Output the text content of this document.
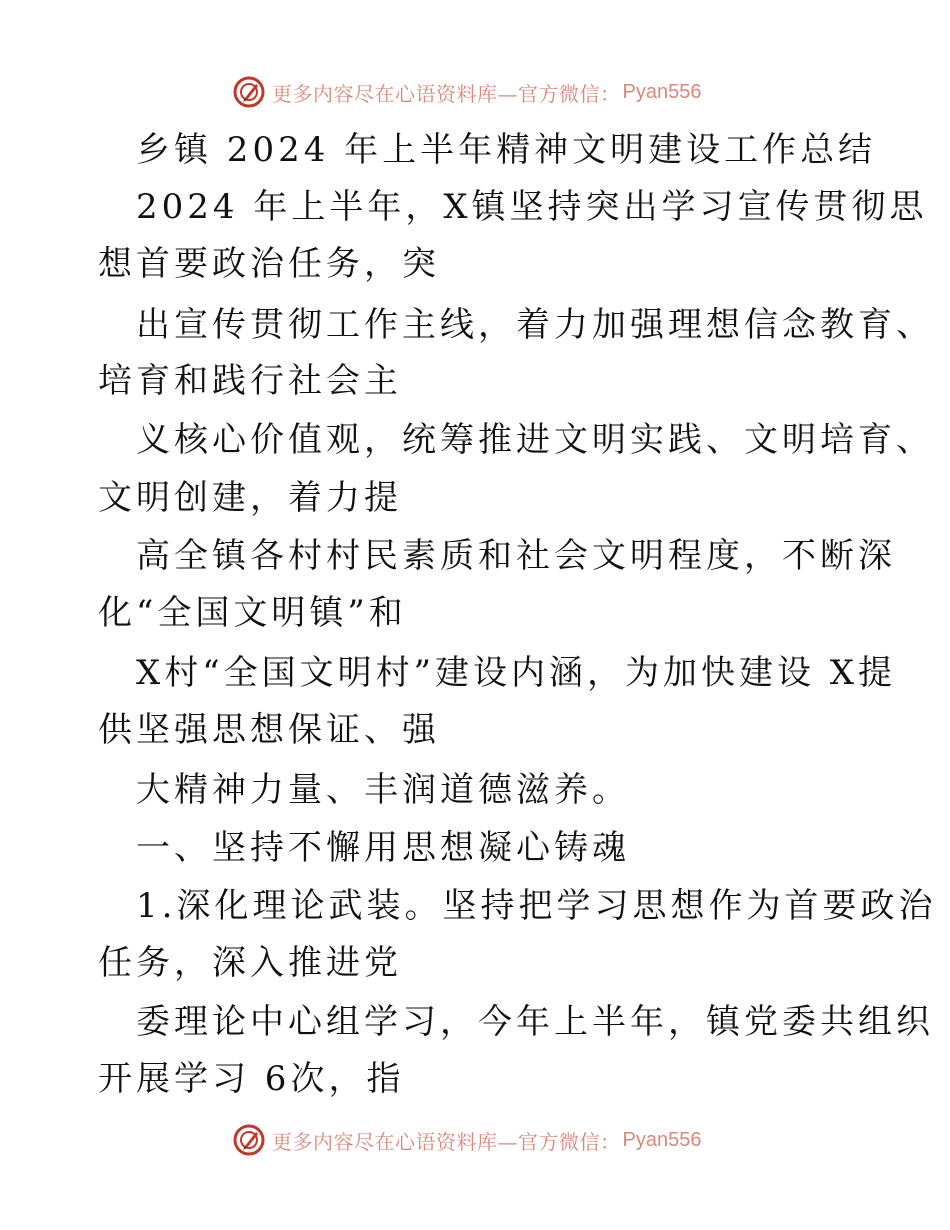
更多内容尽在心语资料库—官方微信： Pyan556
乡镇 2024 年上半年精神文明建设工作总结
2024 年上半年，X镇坚持突出学习宣传贯彻思
想首要政治任务，突
出宣传贯彻工作主线，着力加强理想信念教育、
培育和践行社会主
义核心价值观，统筹推进文明实践、文明培育、
文明创建，着力提
高全镇各村村民素质和社会文明程度，不断深
化“全国文明镇”和
X村“全国文明村”建设内涵，为加快建设 X提
供坚强思想保证、强
大精神力量、丰润道德滋养。
一、坚持不懈用思想凝心铸魂
1.深化理论武装。坚持把学习思想作为首要政治
任务，深入推进党
委理论中心组学习，今年上半年，镇党委共组织
开展学习 6次，指
更多内容尽在心语资料库—官方微信： Pyan556
